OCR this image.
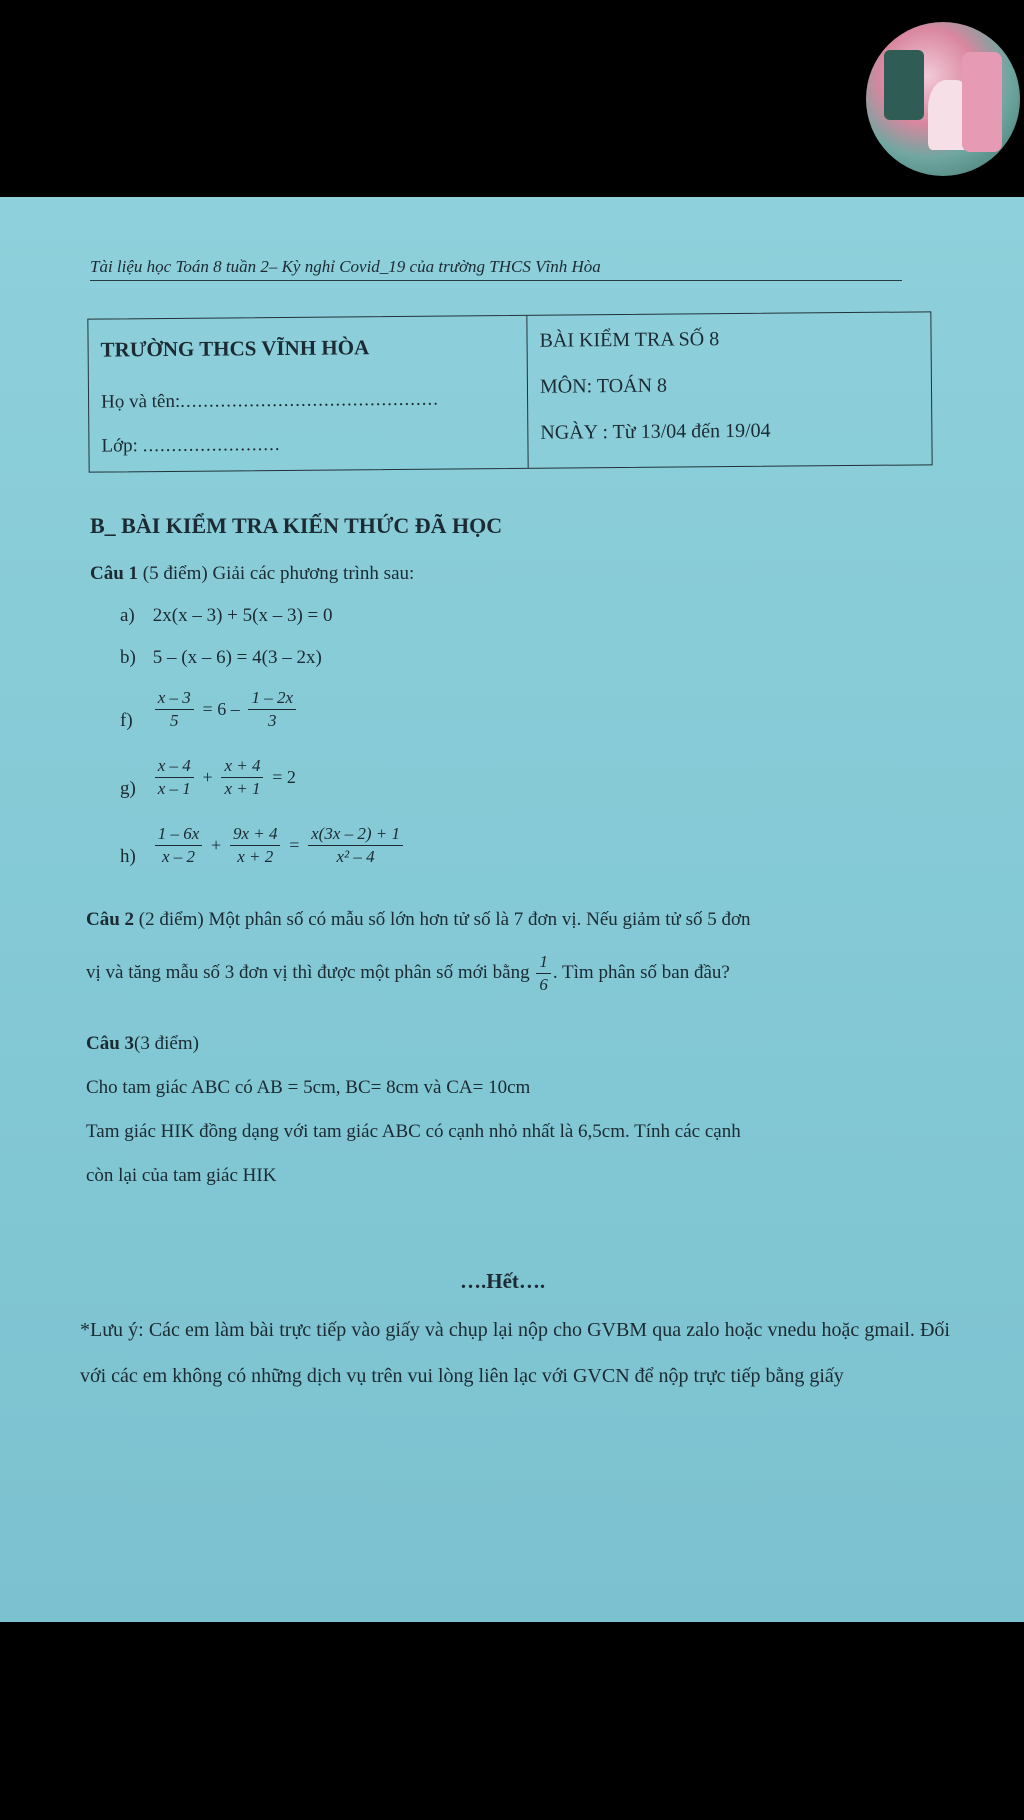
Tài liệu học Toán 8 tuần 2– Kỳ nghỉ Covid_19 của trường THCS Vĩnh Hòa
TRƯỜNG THCS VĨNH HÒA
Họ và tên:.............................................
Lớp: ........................
BÀI KIỂM TRA SỐ 8
MÔN: TOÁN 8
NGÀY : Từ 13/04 đến 19/04
B_ BÀI KIỂM TRA KIẾN THỨC ĐÃ HỌC
Câu 1 (5 điểm) Giải các phương trình sau:
a) 2x(x – 3) + 5(x – 3) = 0
b) 5 – (x – 6) = 4(3 – 2x)
$f) \frac{x - 3}{5} = 6 - \frac{1 - 2x}{3}$
$g) \frac{x - 4}{x - 1} + \frac{x + 4}{x + 1} = 2$
$h) \frac{1 - 6x}{x - 2} + \frac{9x + 4}{x + 2} = \frac{x(3x - 2) + 1}{\text{x² – 4}}$
Câu 2 (2 điểm) Một phân số có mẫu số lớn hơn tử số là 7 đơn vị. Nếu giảm tử số 5 đơn
vị và tăng mẫu số 3 đơn vị thì được một phân số mới bằng $\frac{1}{6}$ . Tìm phân số ban đầu?
Câu 3(3 điểm)
Cho tam giác ABC có AB = 5cm, BC= 8cm và CA= 10cm
Tam giác HIK đồng dạng với tam giác ABC có cạnh nhỏ nhất là 6,5cm. Tính các cạnh
còn lại của tam giác HIK
….Hết….
*Lưu ý: Các em làm bài trực tiếp vào giấy và chụp lại nộp cho GVBM qua zalo hoặc vnedu hoặc gmail. Đối với các em không có những dịch vụ trên vui lòng liên lạc với GVCN để nộp trực tiếp bằng giấy
